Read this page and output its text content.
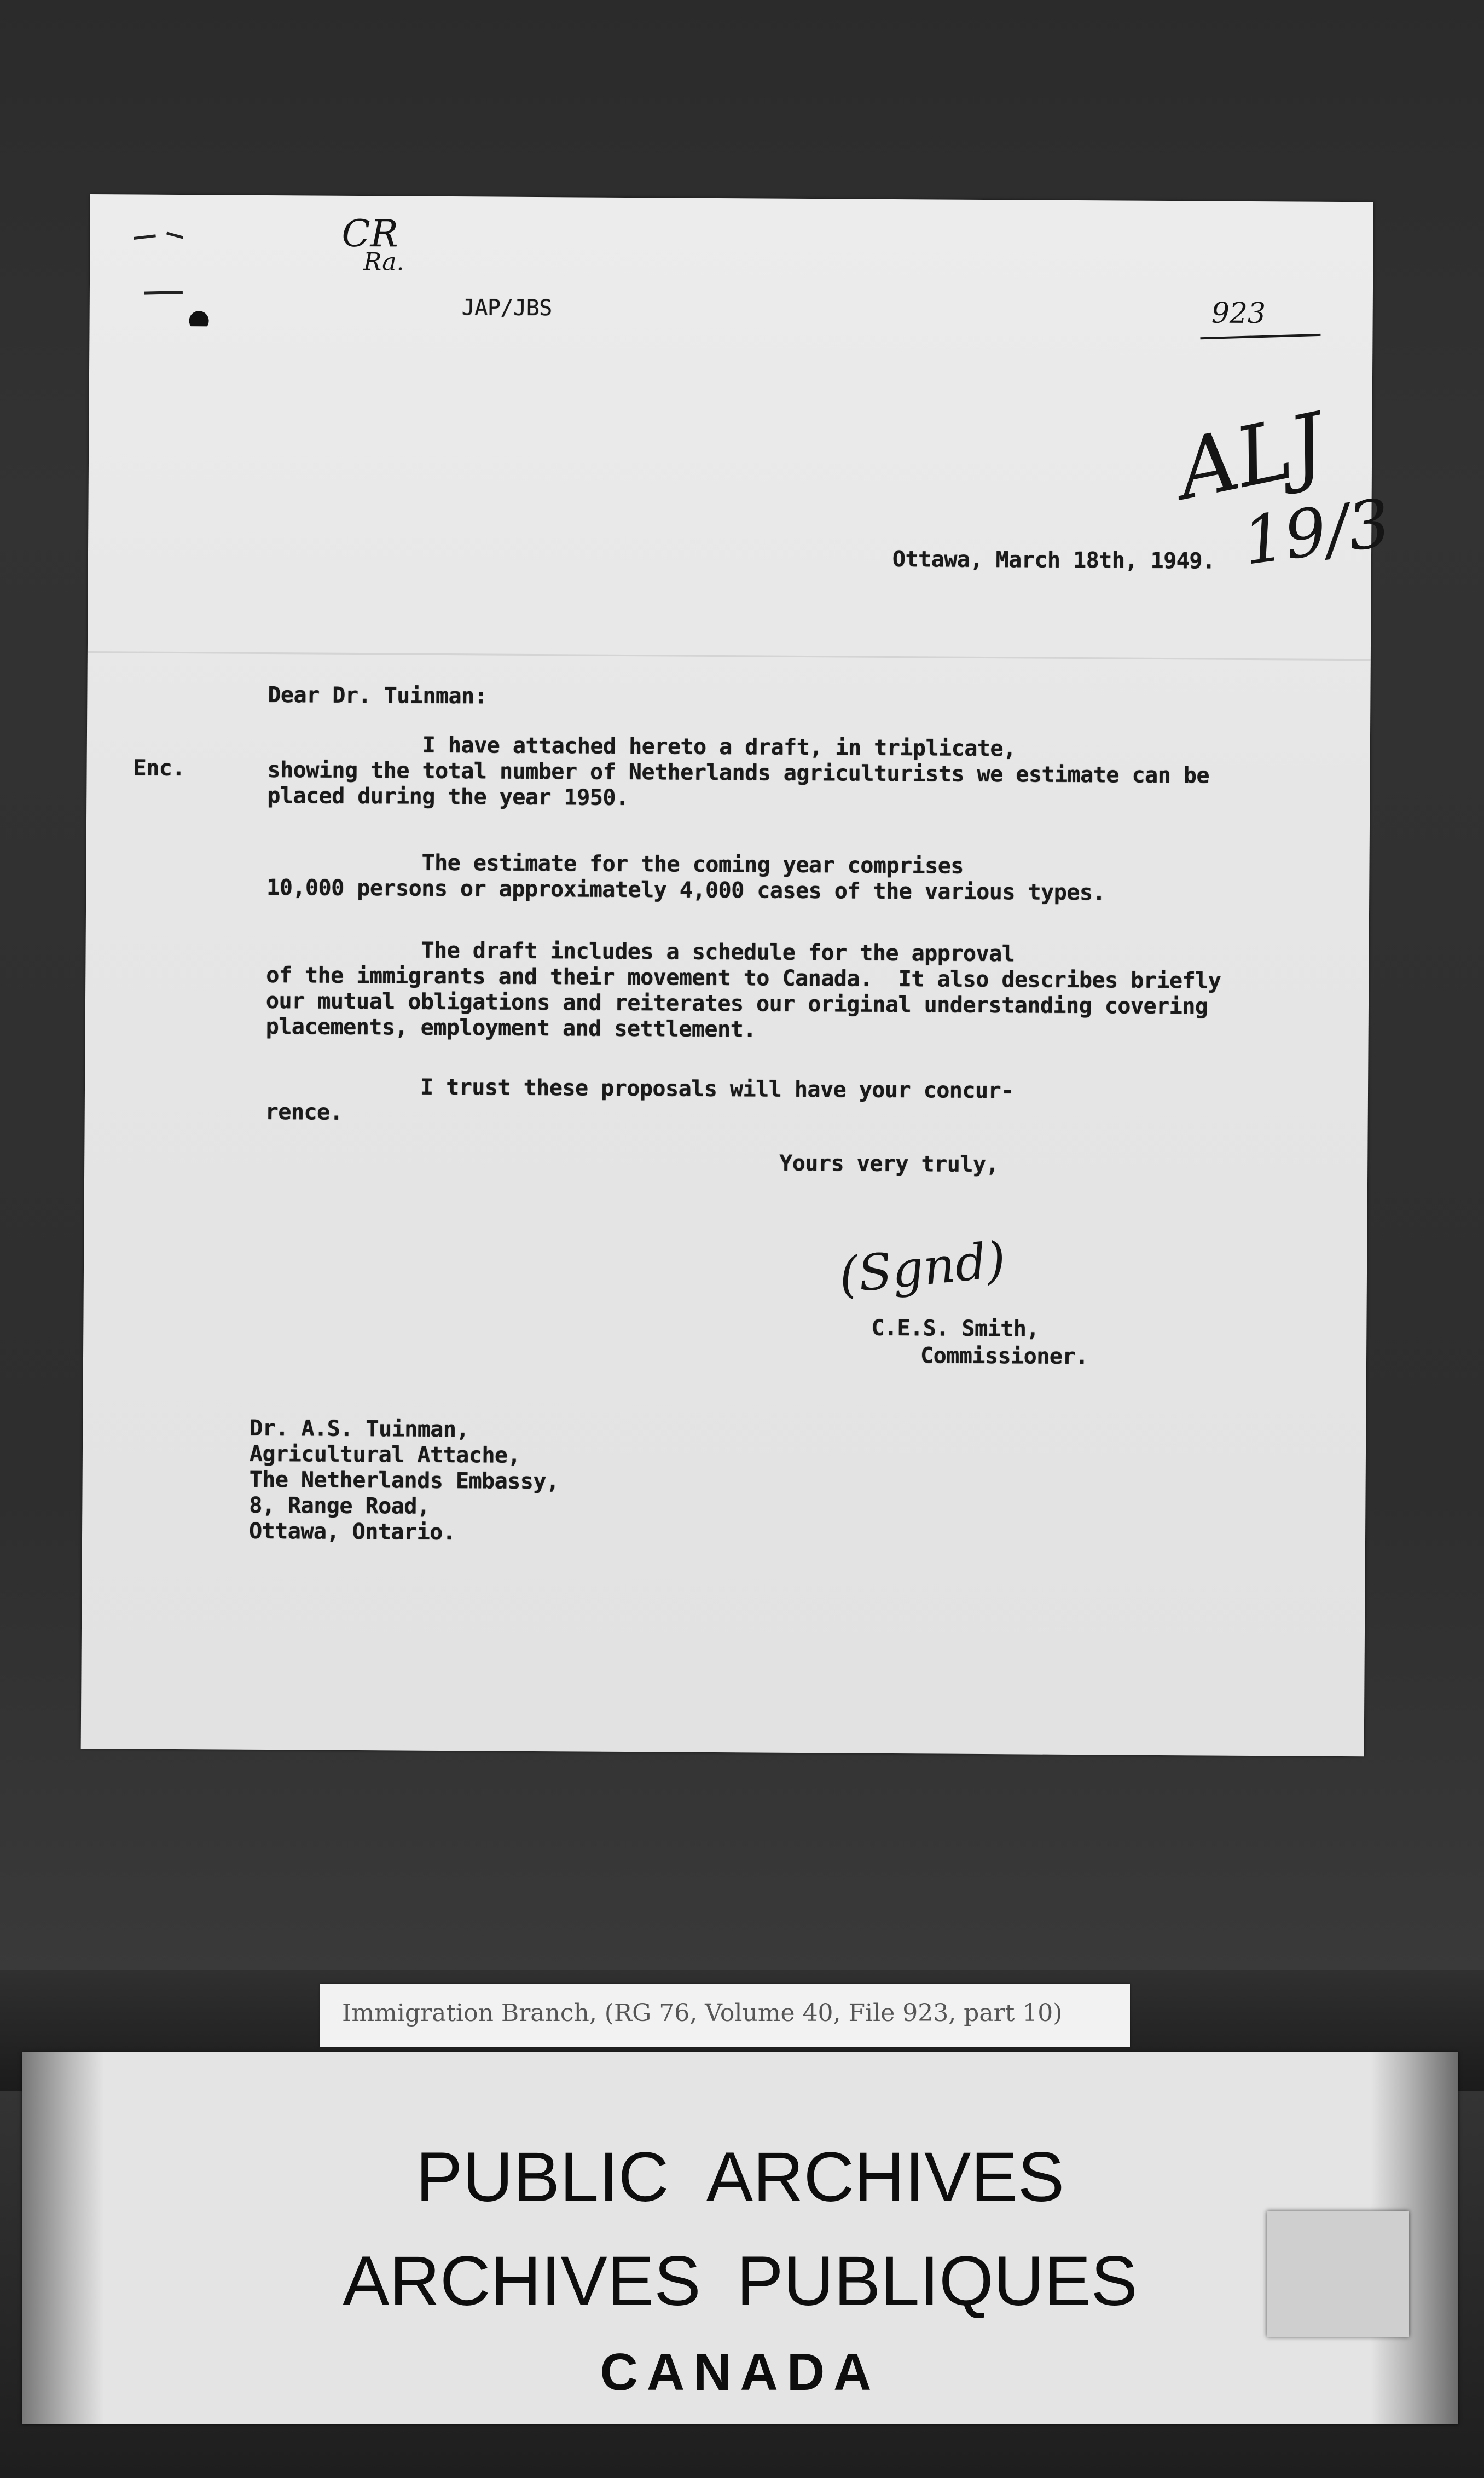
CR

Ra.

JAP/JBS	923

ALJ

19/3

Ottawa, March 18th, 1949.

Dear Dr. Tuinman:

Enc.

I have attached hereto a draft, in triplicate,
showing the total number of Netherlands agriculturists we estimate can be
placed during the year 1950.

The estimate for the coming year comprises
10,000 persons or approximately 4,000 cases of the various types.

The draft includes a schedule for the approval
of the immigrants and their movement to Canada.  It also describes briefly
our mutual obligations and reiterates our original understanding covering
placements, employment and settlement.

I trust these proposals will have your concur-
rence.

Yours very truly,

(Sgnd)

C.E.S. Smith,

Commissioner.

Dr. A.S. Tuinman,
Agricultural Attache,
The Netherlands Embassy,
8, Range Road,
Ottawa, Ontario.

Immigration Branch, (RG 76, Volume 40, File 923, part 10)

PUBLIC ARCHIVES

ARCHIVES PUBLIQUES

CANADA
